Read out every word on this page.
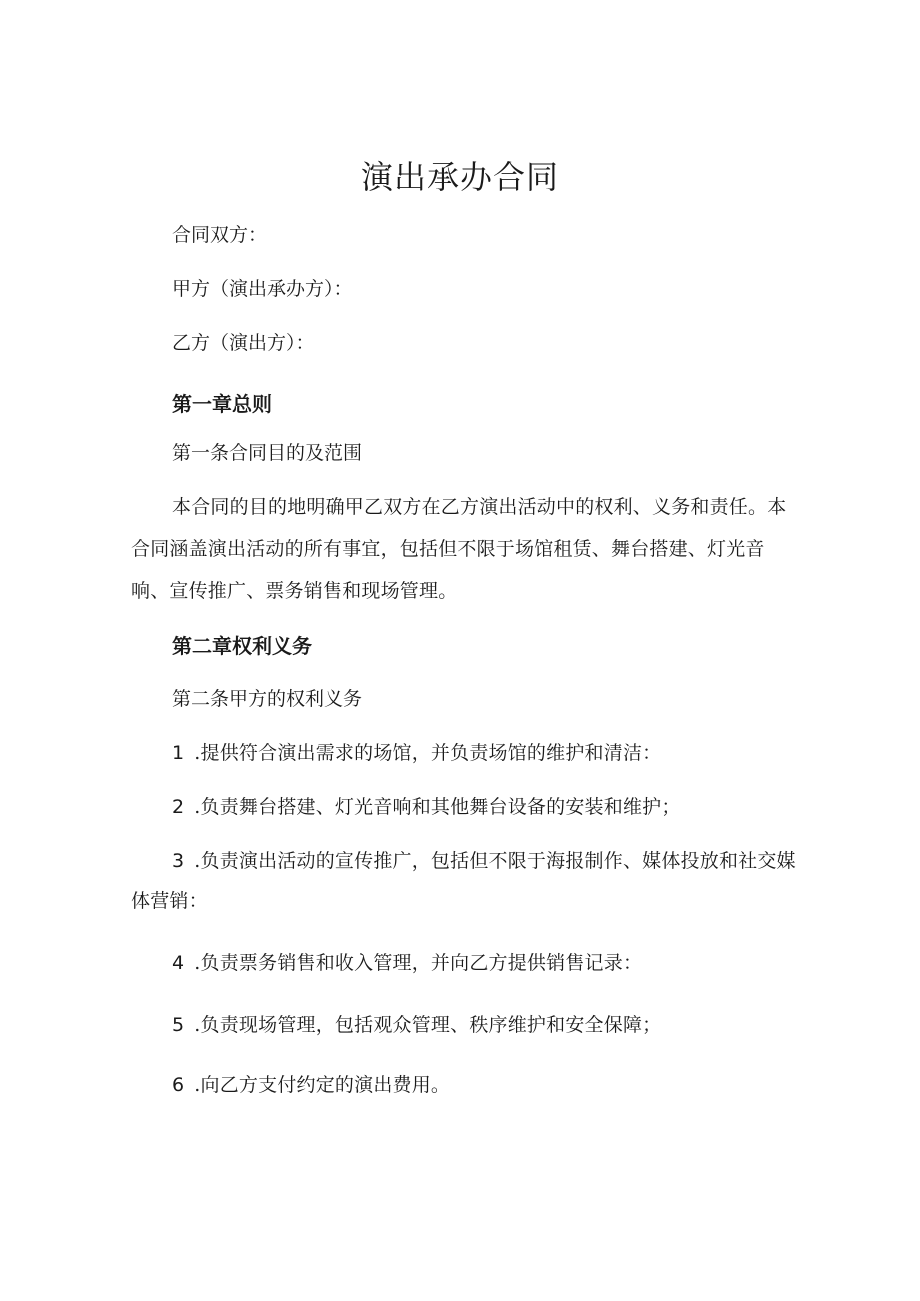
演出承办合同
合同双方：
甲方（演出承办方）：
乙方（演出方）：
第一章总则
第一条合同目的及范围
本合同的目的地明确甲乙双方在乙方演出活动中的权利、义务和责任。本
合同涵盖演出活动的所有事宜，包括但不限于场馆租赁、舞台搭建、灯光音
响、宣传推广、票务销售和现场管理。
第二章权利义务
第二条甲方的权利义务
1 .提供符合演出需求的场馆，并负责场馆的维护和清洁：
2 .负责舞台搭建、灯光音响和其他舞台设备的安装和维护；
3 .负责演出活动的宣传推广，包括但不限于海报制作、媒体投放和社交媒
体营销：
4 .负责票务销售和收入管理，并向乙方提供销售记录：
5 .负责现场管理，包括观众管理、秩序维护和安全保障；
6 .向乙方支付约定的演出费用。
